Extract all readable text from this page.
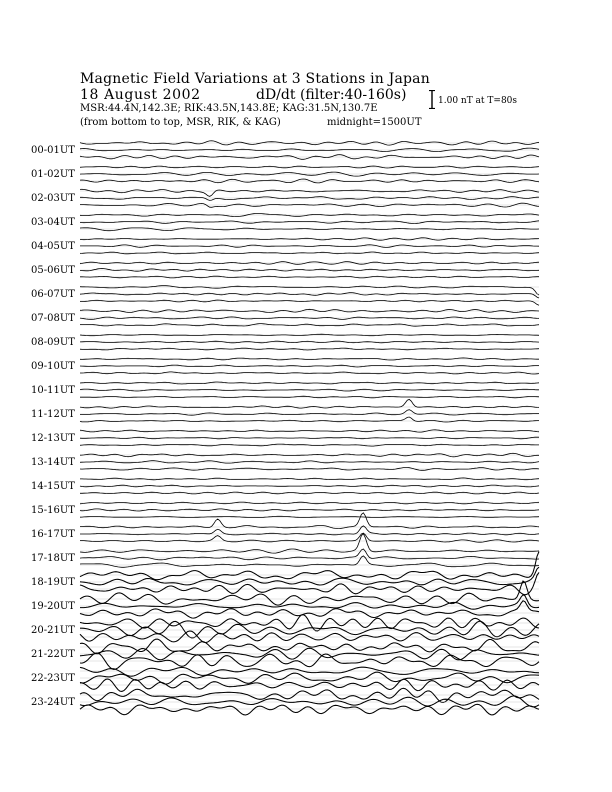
Magnetic Field Variations at 3 Stations in Japan
18 August 2002	dD/dt (filter:40-160s)
MSR:44.4N,142.3E; RIK:43.5N,143.8E; KAG:31.5N,130.7E
(from bottom to top, MSR, RIK, & KAG)	midnight=1500UT
1.00 nT at T=80s
00-01UT
01-02UT
02-03UT
03-04UT
04-05UT
05-06UT
06-07UT
07-08UT
08-09UT
09-10UT
10-11UT
11-12UT
12-13UT
13-14UT
14-15UT
15-16UT
16-17UT
17-18UT
18-19UT
19-20UT
20-21UT
21-22UT
22-23UT
23-24UT
